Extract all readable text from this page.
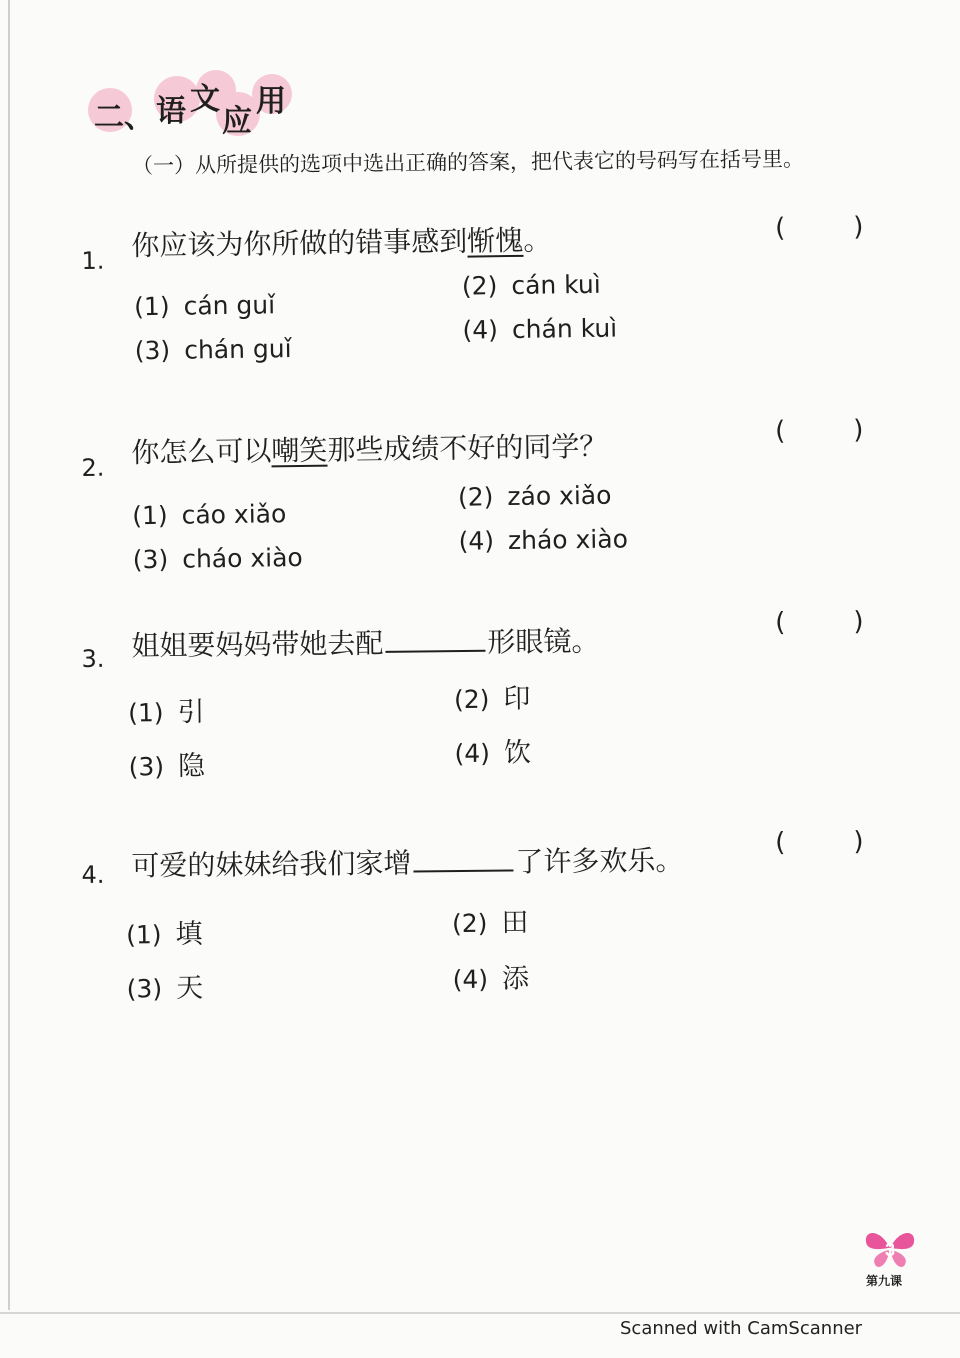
二、 语 文
应
用
（一）从所提供的选项中选出正确的答案，把代表它的号码写在括号里。
1. 你应该为你所做的错事感到惭愧。	(	)
(1) cán guǐ
(2) cán kuì
(3) chán guǐ
(4) chán kuì
2. 你怎么可以嘲笑那些成绩不好的同学？	(	)
(1) cáo xiǎo
(2) záo xiǎo
(3) cháo xiào
(4) zháo xiào
3. 姐姐要妈妈带她去配	形眼镜。
(	)
(1) 引	(2) 印
(3) 隐	(4) 饮
4. 可爱的妹妹给我们家增	了许多欢乐。
(	)
(1) 填	(2) 田
(3) 天	(4) 添
3
第九课
Scanned with CamScanner
